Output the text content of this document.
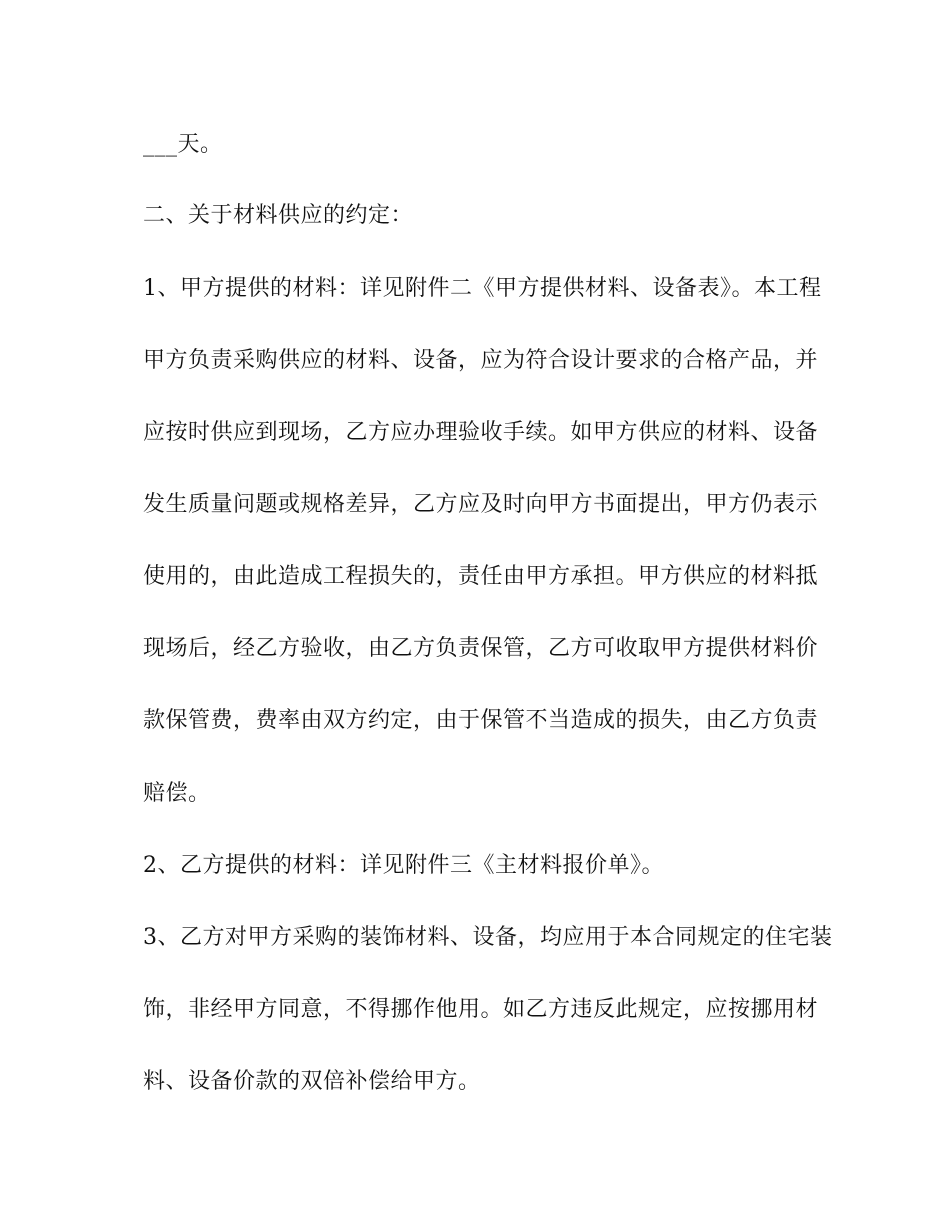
___天。
二、关于材料供应的约定：
1、甲方提供的材料：详见附件二《甲方提供材料、设备表》。本工程
甲方负责采购供应的材料、设备，应为符合设计要求的合格产品，并
应按时供应到现场，乙方应办理验收手续。如甲方供应的材料、设备
发生质量问题或规格差异，乙方应及时向甲方书面提出，甲方仍表示
使用的，由此造成工程损失的，责任由甲方承担。甲方供应的材料抵
现场后，经乙方验收，由乙方负责保管，乙方可收取甲方提供材料价
款保管费，费率由双方约定，由于保管不当造成的损失，由乙方负责
赔偿。
2、乙方提供的材料：详见附件三《主材料报价单》。
3、乙方对甲方采购的装饰材料、设备，均应用于本合同规定的住宅装
饰，非经甲方同意，不得挪作他用。如乙方违反此规定，应按挪用材
料、设备价款的双倍补偿给甲方。
